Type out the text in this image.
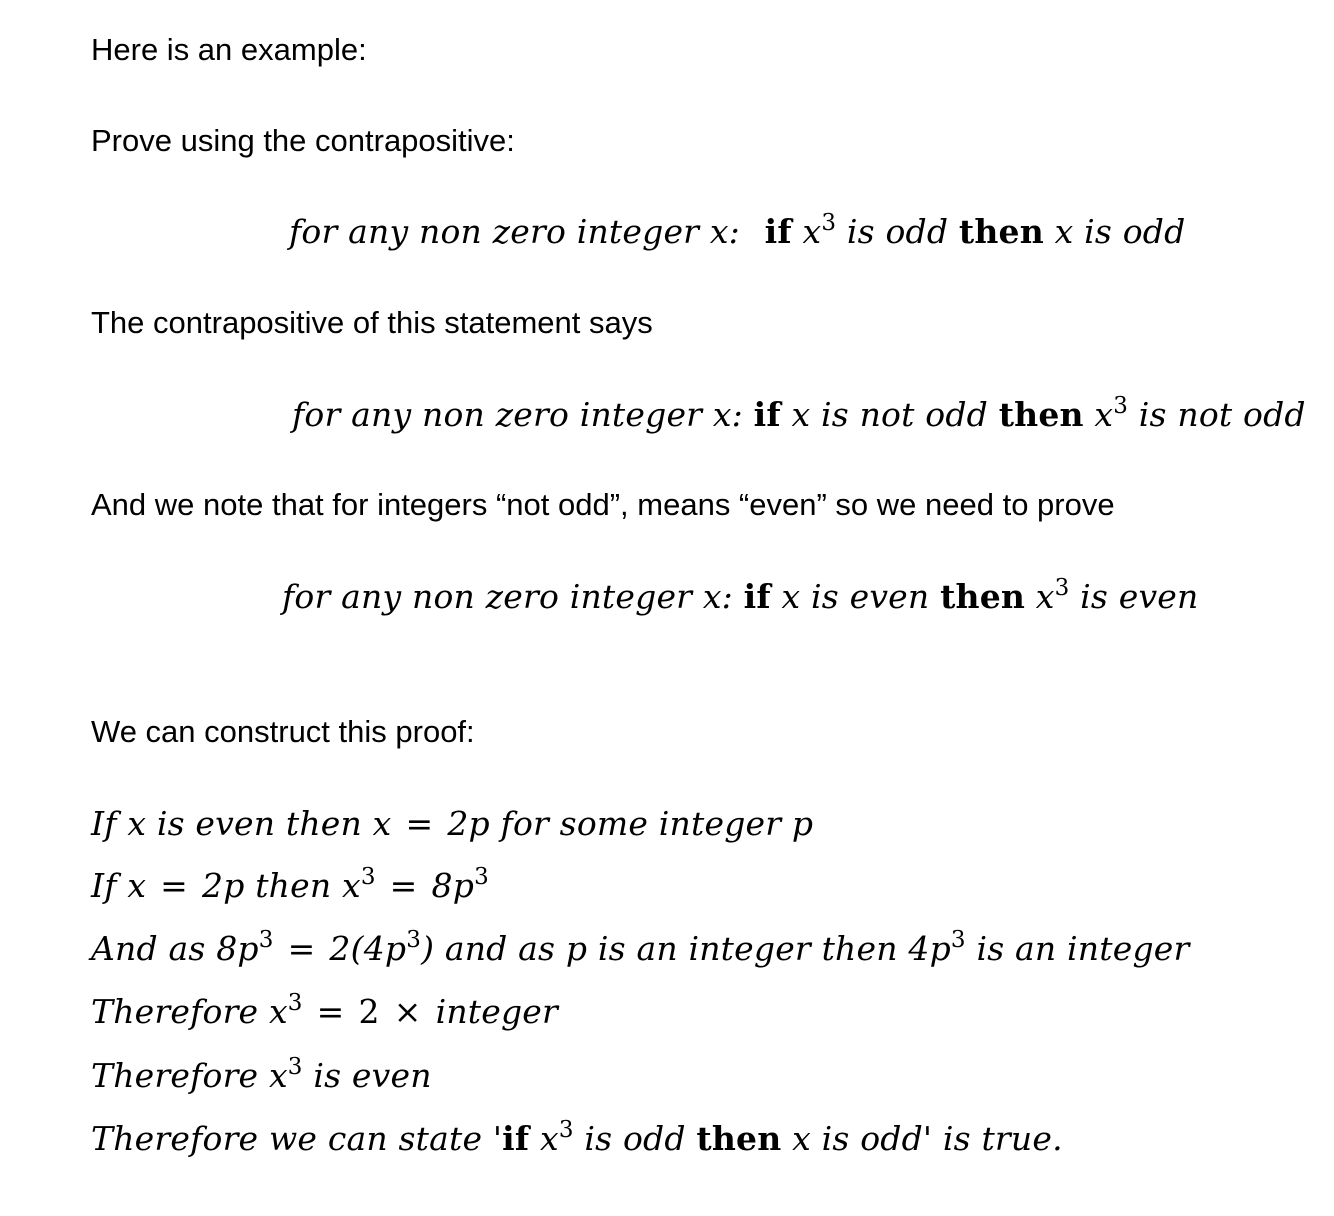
Here is an example:

Prove using the contrapositive:

for any non zero integer x: if $x^3$ is odd then x is odd

The contrapositive of this statement says

for any non zero integer x: if x is not odd then $x^3$ is not odd

And we note that for integers “not odd”, means “even” so we need to prove

for any non zero integer x: if x is even then $x^3$ is even

We can construct this proof:

If x is even then x = 2p for some integer p
If x = 2p then $x^3 = 8p^3$
And as $8p^3 = 2(4p^3)$ and as p is an integer then $4p^3$ is an integer
Therefore $x^3 = 2$ × integer
Therefore $x^3$ is even
Therefore we can state 'if $x^3$ is odd then x is odd' is true.
